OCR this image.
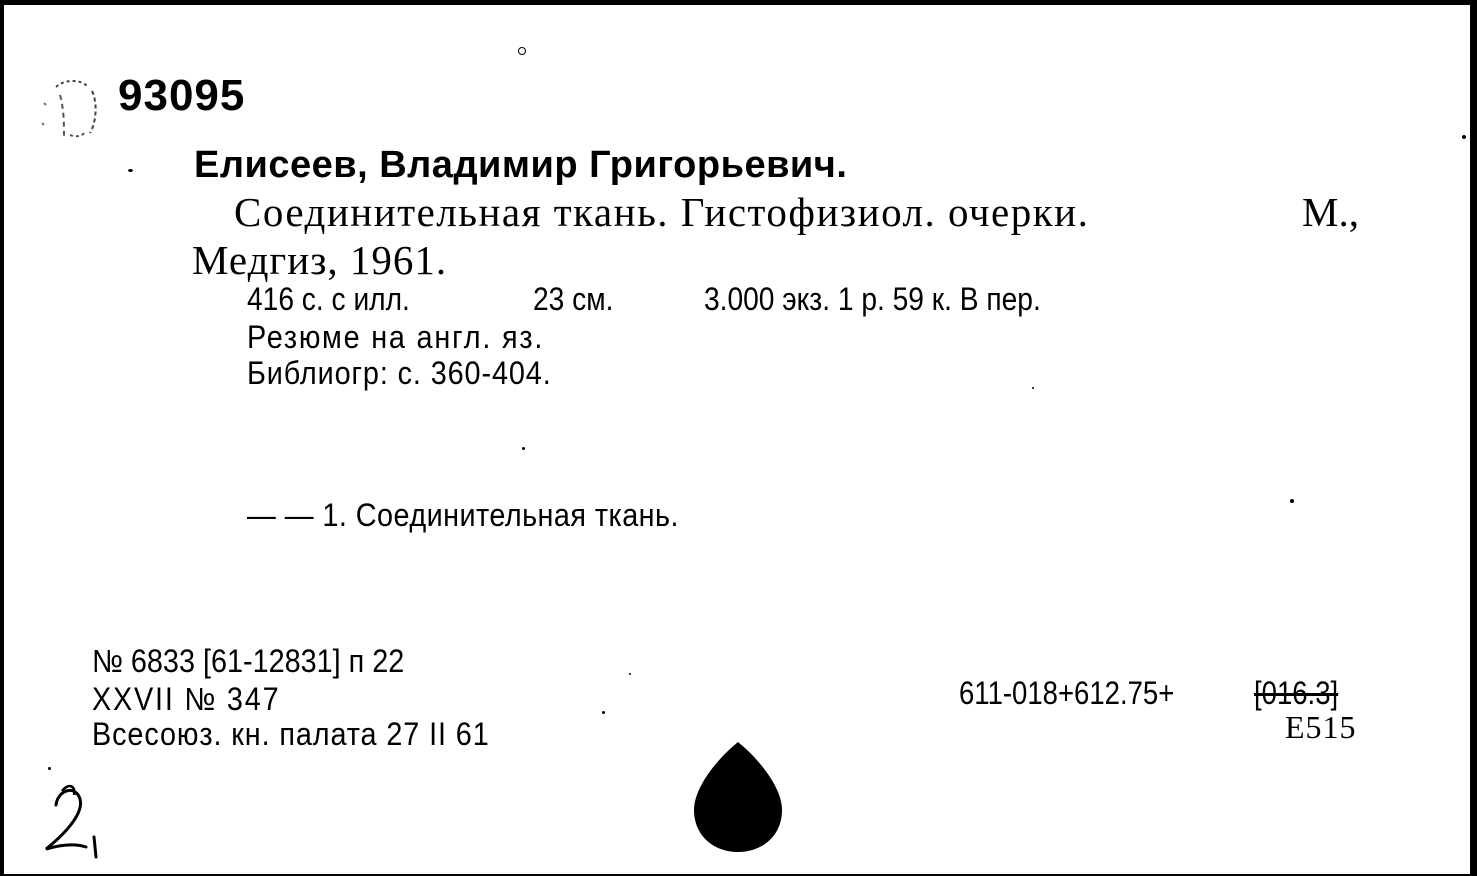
93095
Елисеев, Владимир Григорьевич.
Соединительная ткань. Гистофизиол. очерки.	М.,
Медгиз, 1961.
416 с. с илл.	23 см.	3.000 экз. 1 р. 59 к. В пер.
Резюме на англ. яз.
Библиогр: с. 360-404.
— — 1. Соединительная ткань.
№ 6833 [61-12831] п 22
XXVII № 347
Всесоюз. кн. палата 27 II 61
611-018+612.75+ [016.3]
Е515
